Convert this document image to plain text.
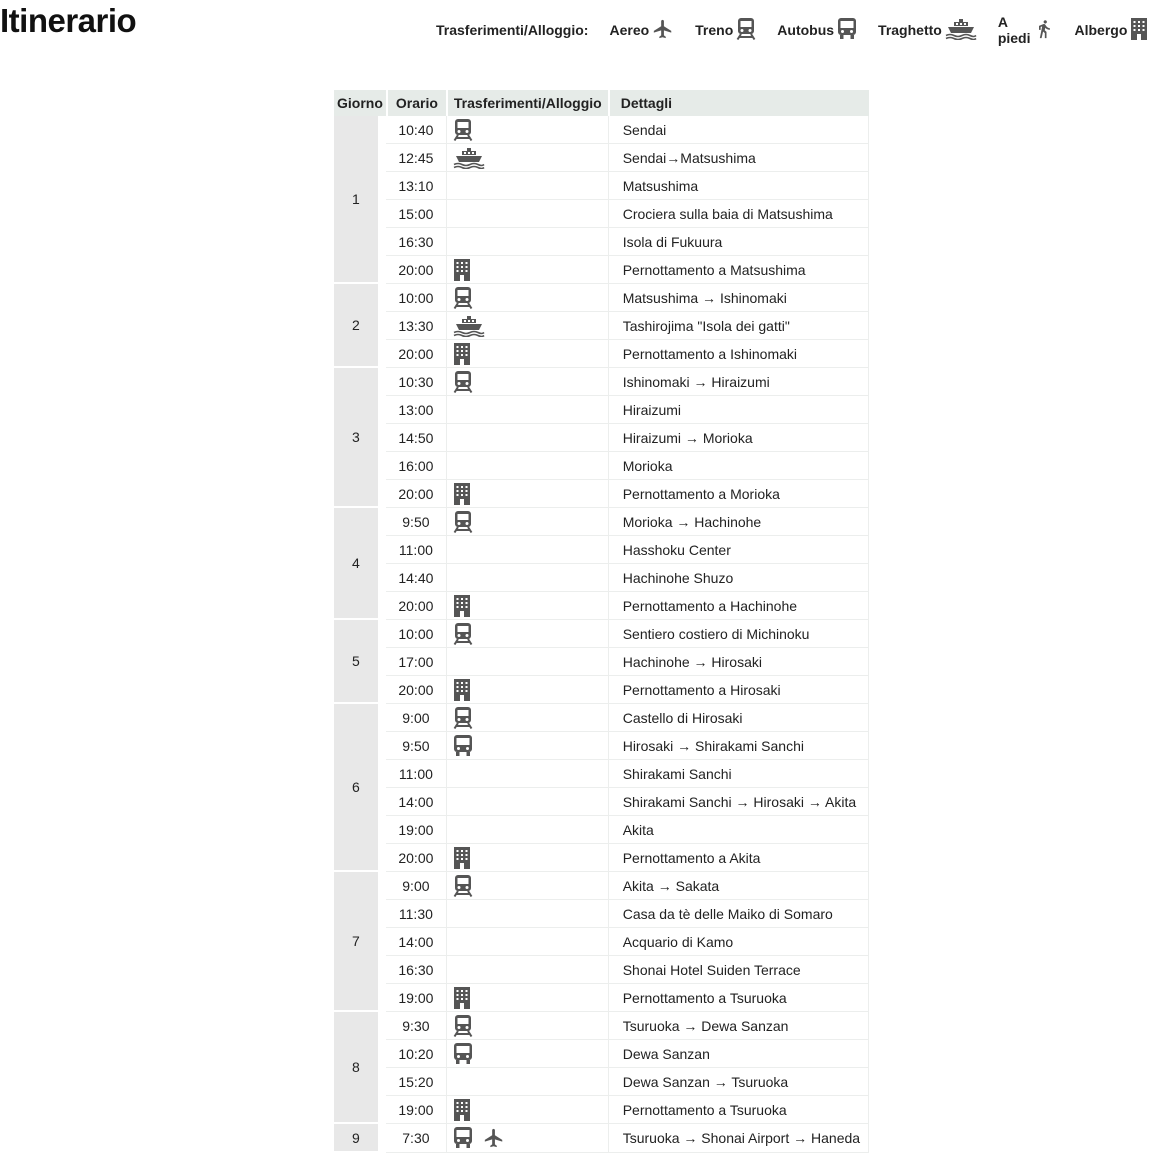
Itinerario	Trasferimenti/Alloggio: Aereo	Treno	Autobus	Traghetto	A piedi	Albergo
Giorno	Orario	Trasferimenti/Alloggio	Dettagli
1	10:40		Sendai
	12:45		Sendai→Matsushima
	13:10		Matsushima
	15:00		Crociera sulla baia di Matsushima
	16:30		Isola di Fukuura
	20:00		Pernottamento a Matsushima
2	10:00		Matsushima → Ishinomaki
	13:30		Tashirojima "Isola dei gatti"
	20:00		Pernottamento a Ishinomaki
3	10:30		Ishinomaki → Hiraizumi
	13:00		Hiraizumi
	14:50		Hiraizumi → Morioka
	16:00		Morioka
	20:00		Pernottamento a Morioka
4	9:50		Morioka → Hachinohe
	11:00		Hasshoku Center
	14:40		Hachinohe Shuzo
	20:00		Pernottamento a Hachinohe
5	10:00		Sentiero costiero di Michinoku
	17:00		Hachinohe → Hirosaki
	20:00		Pernottamento a Hirosaki
6	9:00		Castello di Hirosaki
	9:50		Hirosaki → Shirakami Sanchi
	11:00		Shirakami Sanchi
	14:00		Shirakami Sanchi → Hirosaki → Akita
	19:00		Akita
	20:00		Pernottamento a Akita
7	9:00		Akita → Sakata
	11:30		Casa da tè delle Maiko di Somaro
	14:00		Acquario di Kamo
	16:30		Shonai Hotel Suiden Terrace
	19:00		Pernottamento a Tsuruoka
8	9:30		Tsuruoka → Dewa Sanzan
	10:20		Dewa Sanzan
	15:20		Dewa Sanzan → Tsuruoka
	19:00		Pernottamento a Tsuruoka
9	7:30		Tsuruoka → Shonai Airport → Haneda
